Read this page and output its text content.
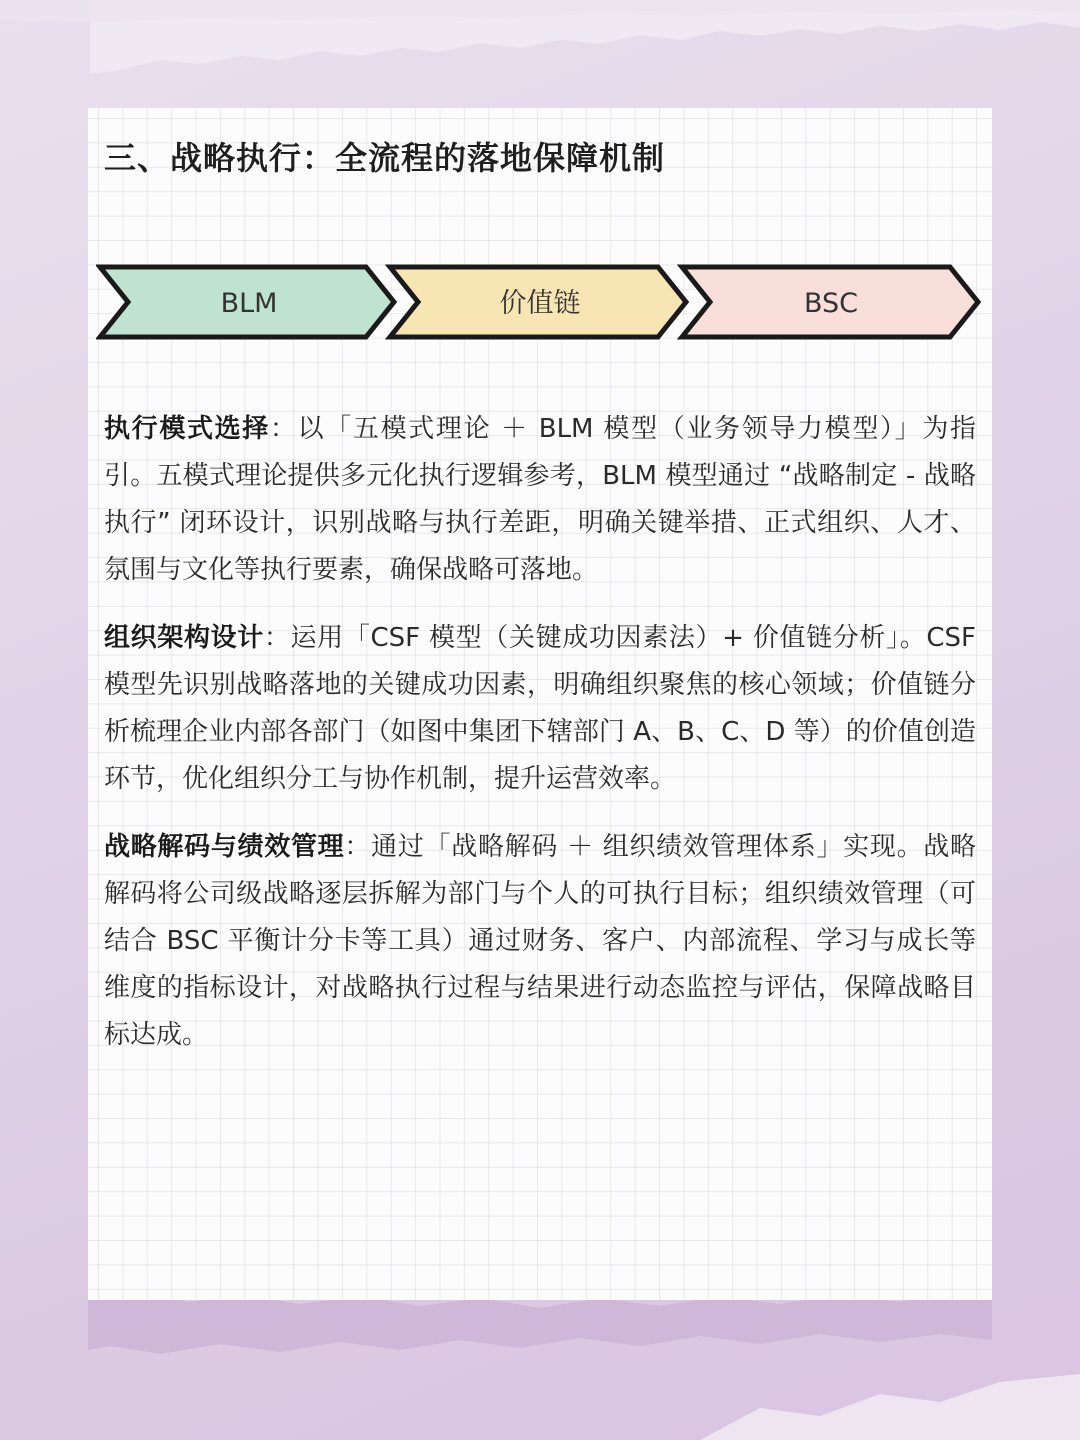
三、战略执行：全流程的落地保障机制
BLM	价值链	BSC

执行模式选择：以「五模式理论 ＋ BLM 模型（业务领导力模型）」为指引。五模式理论提供多元化执行逻辑参考，BLM 模型通过 “战略制定 - 战略执行” 闭环设计，识别战略与执行差距，明确关键举措、正式组织、人才、氛围与文化等执行要素，确保战略可落地。

组织架构设计：运用「CSF 模型（关键成功因素法）+ 价值链分析」。CSF 模型先识别战略落地的关键成功因素，明确组织聚焦的核心领域；价值链分析梳理企业内部各部门（如图中集团下辖部门 A、B、C、D 等）的价值创造环节，优化组织分工与协作机制，提升运营效率。

战略解码与绩效管理：通过「战略解码 ＋ 组织绩效管理体系」实现。战略解码将公司级战略逐层拆解为部门与个人的可执行目标；组织绩效管理（可结合 BSC 平衡计分卡等工具）通过财务、客户、内部流程、学习与成长等维度的指标设计，对战略执行过程与结果进行动态监控与评估，保障战略目标达成。
